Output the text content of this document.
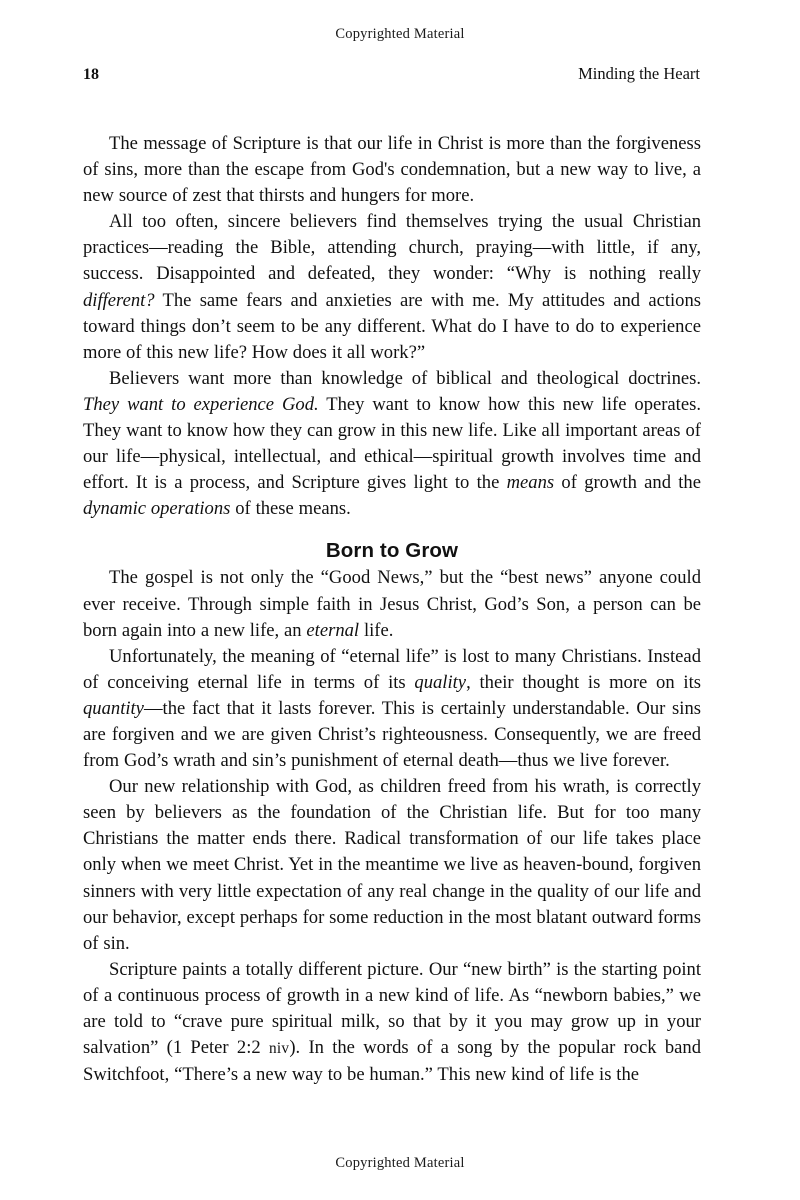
Copyrighted Material
18	Minding the Heart

The message of Scripture is that our life in Christ is more than the forgiveness of sins, more than the escape from God's condemnation, but a new way to live, a new source of zest that thirsts and hungers for more.

All too often, sincere believers find themselves trying the usual Christian practices—reading the Bible, attending church, praying—with little, if any, success. Disappointed and defeated, they wonder: “Why is nothing really different? The same fears and anxieties are with me. My attitudes and actions toward things don’t seem to be any different. What do I have to do to experience more of this new life? How does it all work?”

Believers want more than knowledge of biblical and theological doctrines. They want to experience God. They want to know how this new life operates. They want to know how they can grow in this new life. Like all important areas of our life—physical, intellectual, and ethical—spiritual growth involves time and effort. It is a process, and Scripture gives light to the means of growth and the dynamic operations of these means.

Born to Grow

The gospel is not only the “Good News,” but the “best news” anyone could ever receive. Through simple faith in Jesus Christ, God’s Son, a person can be born again into a new life, an eternal life.

Unfortunately, the meaning of “eternal life” is lost to many Christians. Instead of conceiving eternal life in terms of its quality, their thought is more on its quantity—the fact that it lasts forever. This is certainly understandable. Our sins are forgiven and we are given Christ’s righteousness. Consequently, we are freed from God’s wrath and sin’s punishment of eternal death—thus we live forever.

Our new relationship with God, as children freed from his wrath, is correctly seen by believers as the foundation of the Christian life. But for too many Christians the matter ends there. Radical transformation of our life takes place only when we meet Christ. Yet in the meantime we live as heaven-bound, forgiven sinners with very little expectation of any real change in the quality of our life and our behavior, except perhaps for some reduction in the most blatant outward forms of sin.

Scripture paints a totally different picture. Our “new birth” is the starting point of a continuous process of growth in a new kind of life. As “newborn babies,” we are told to “crave pure spiritual milk, so that by it you may grow up in your salvation” (1 Peter 2:2 niv). In the words of a song by the popular rock band Switchfoot, “There’s a new way to be human.” This new kind of life is the

Copyrighted Material
